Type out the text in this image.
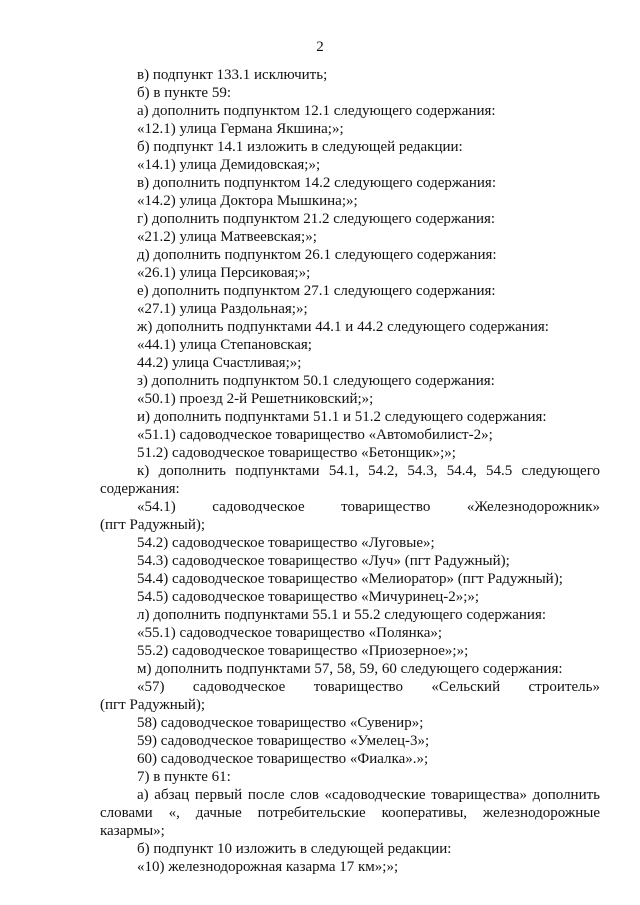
2
в) подпункт 133.1 исключить;
б) в пункте 59:
а) дополнить подпунктом 12.1 следующего содержания:
«12.1) улица Германа Якшина;»;
б) подпункт 14.1 изложить в следующей редакции:
«14.1) улица Демидовская;»;
в) дополнить подпунктом 14.2 следующего содержания:
«14.2) улица Доктора Мышкина;»;
г) дополнить подпунктом 21.2 следующего содержания:
«21.2) улица Матвеевская;»;
д) дополнить подпунктом 26.1 следующего содержания:
«26.1) улица Персиковая;»;
е) дополнить подпунктом 27.1 следующего содержания:
«27.1) улица Раздольная;»;
ж) дополнить подпунктами 44.1 и 44.2 следующего содержания:
«44.1) улица Степановская;
44.2) улица Счастливая;»;
з) дополнить подпунктом 50.1 следующего содержания:
«50.1) проезд 2-й Решетниковский;»;
и) дополнить подпунктами 51.1 и 51.2 следующего содержания:
«51.1) садоводческое товарищество «Автомобилист-2»;
51.2) садоводческое товарищество «Бетонщик»;»;
к) дополнить подпунктами 54.1, 54.2, 54.3, 54.4, 54.5 следующего
содержания:
«54.1) садоводческое товарищество «Железнодорожник»
(пгт Радужный);
54.2) садоводческое товарищество «Луговые»;
54.3) садоводческое товарищество «Луч» (пгт Радужный);
54.4) садоводческое товарищество «Мелиоратор» (пгт Радужный);
54.5) садоводческое товарищество «Мичуринец-2»;»;
л) дополнить подпунктами 55.1 и 55.2 следующего содержания:
«55.1) садоводческое товарищество «Полянка»;
55.2) садоводческое товарищество «Приозерное»;»;
м) дополнить подпунктами 57, 58, 59, 60 следующего содержания:
«57) садоводческое товарищество «Сельский строитель»
(пгт Радужный);
58) садоводческое товарищество «Сувенир»;
59) садоводческое товарищество «Умелец-3»;
60) садоводческое товарищество «Фиалка».»;
7) в пункте 61:
а) абзац первый после слов «садоводческие товарищества» дополнить
словами «, дачные потребительские кооперативы, железнодорожные
казармы»;
б) подпункт 10 изложить в следующей редакции:
«10) железнодорожная казарма 17 км»;»;
